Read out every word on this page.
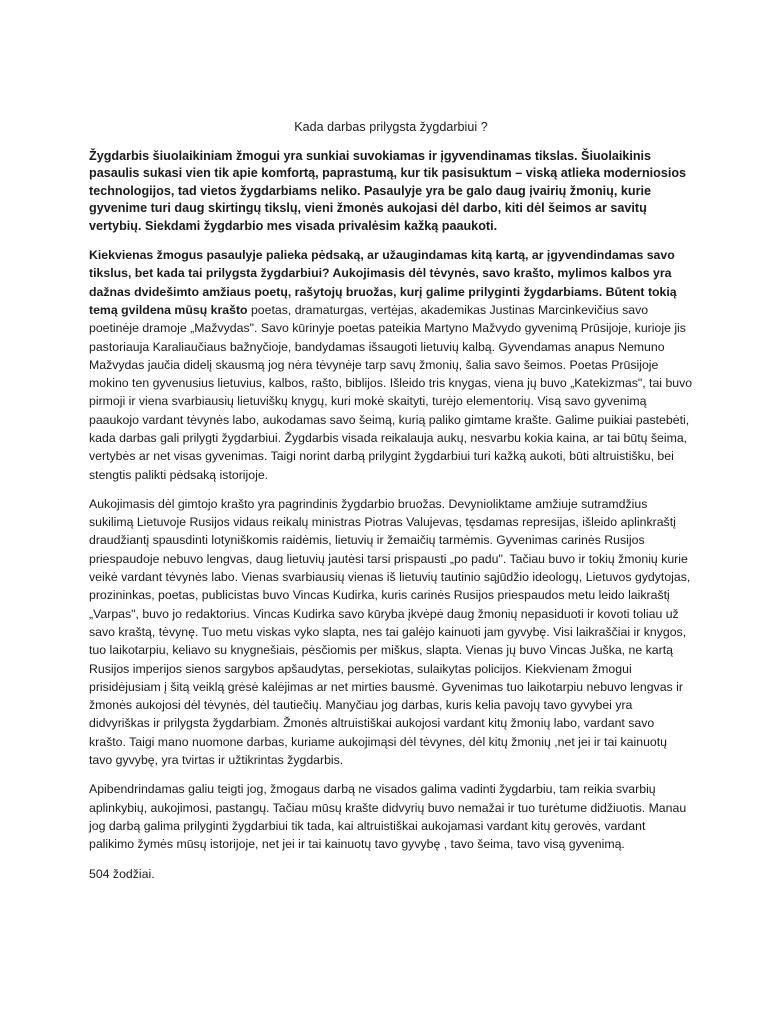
Kada darbas prilygsta žygdarbiui ?

Žygdarbis šiuolaikiniam žmogui yra sunkiai suvokiamas ir įgyvendinamas tikslas. Šiuolaikinis pasaulis sukasi vien tik apie komfortą, paprastumą, kur tik pasisuktum – viską atlieka moderniosios technologijos, tad vietos žygdarbiams neliko. Pasaulyje yra be galo daug įvairių žmonių, kurie gyvenime turi daug skirtingų tikslų, vieni žmonės aukojasi dėl darbo, kiti dėl šeimos ar savitų vertybių. Siekdami žygdarbio mes visada privalėsim kažką paaukoti.

Kiekvienas žmogus pasaulyje palieka pėdsaką, ar užaugindamas kitą kartą, ar įgyvendindamas savo tikslus, bet kada tai prilygsta žygdarbiui? Aukojimasis dėl tėvynės, savo krašto, mylimos kalbos yra dažnas dvidešimto amžiaus poetų, rašytojų bruožas, kurį galime prilyginti žygdarbiams. Būtent tokią temą gvildena mūsų krašto poetas, dramaturgas, vertėjas, akademikas Justinas Marcinkevičius savo poetinėje dramoje „Mažvydas". Savo kūrinyje poetas pateikia Martyno Mažvydo gyvenimą Prūsijoje, kurioje jis pastoriauja Karaliaučiaus bažnyčioje, bandydamas išsaugoti lietuvių kalbą. Gyvendamas anapus Nemuno Mažvydas jaučia didelį skausmą jog nėra tėvynėje tarp savų žmonių, šalia savo šeimos. Poetas Prūsijoje mokino ten gyvenusius lietuvius, kalbos, rašto, biblijos. Išleido tris knygas, viena jų buvo „Katekizmas", tai buvo pirmoji ir viena svarbiausių lietuviškų knygų, kuri mokė skaityti, turėjo elementorių. Visą savo gyvenimą paaukojo vardant tėvynės labo, aukodamas savo šeimą, kurią paliko gimtame krašte. Galime puikiai pastebėti, kada darbas gali prilygti žygdarbiui. Žygdarbis visada reikalauja aukų, nesvarbu kokia kaina, ar tai būtų šeima, vertybės ar net visas gyvenimas. Taigi norint darbą prilygint žygdarbiui turi kažką aukoti, būti altruistišku, bei stengtis palikti pėdsaką istorijoje.

Aukojimasis dėl gimtojo krašto yra pagrindinis žygdarbio bruožas. Devynioliktame amžiuje sutramdžius sukilimą Lietuvoje Rusijos vidaus reikalų ministras Piotras Valujevas, tęsdamas represijas, išleido aplinkraštį draudžiantį spausdinti lotyniškomis raidėmis, lietuvių ir žemaičių tarmėmis. Gyvenimas carinės Rusijos priespaudoje nebuvo lengvas, daug lietuvių jautėsi tarsi prispausti „po padu". Tačiau buvo ir tokių žmonių kurie veikė vardant tėvynės labo. Vienas svarbiausių vienas iš lietuvių tautinio sąjūdžio ideologų, Lietuvos gydytojas, prozininkas, poetas, publicistas buvo Vincas Kudirka, kuris carinės Rusijos priespaudos metu leido laikraštį „Varpas", buvo jo redaktorius. Vincas Kudirka savo kūryba įkvėpė daug žmonių nepasiduoti ir kovoti toliau už savo kraštą, tėvynę. Tuo metu viskas vyko slapta, nes tai galėjo kainuoti jam gyvybę. Visi laikraščiai ir knygos, tuo laikotarpiu, keliavo su knygnešiais, pėsčiomis per miškus, slapta. Vienas jų buvo Vincas Juška, ne kartą Rusijos imperijos sienos sargybos apšaudytas, persekiotas, sulaikytas policijos. Kiekvienam žmogui prisidėjusiam į šitą veiklą grėsė kalėjimas ar net mirties bausmė. Gyvenimas tuo laikotarpiu nebuvo lengvas ir žmonės aukojosi dėl tėvynės, dėl tautiečių. Manyčiau jog darbas, kuris kelia pavojų tavo gyvybei yra didvyriškas ir prilygsta žygdarbiam. Žmonės altruistiškai aukojosi vardant kitų žmonių labo, vardant savo krašto. Taigi mano nuomone darbas, kuriame aukojimąsi dėl tėvynes, dėl kitų žmonių ,net jei ir tai kainuotų tavo gyvybę, yra tvirtas ir užtikrintas žygdarbis.

Apibendrindamas galiu teigti jog, žmogaus darbą ne visados galima vadinti žygdarbiu, tam reikia svarbių aplinkybių, aukojimosi, pastangų. Tačiau mūsų krašte didvyrių buvo nemažai ir tuo turėtume didžiuotis. Manau jog darbą galima prilyginti žygdarbiui tik tada, kai altruistiškai aukojamasi vardant kitų gerovės, vardant palikimo žymės mūsų istorijoje, net jei ir tai kainuotų tavo gyvybę , tavo šeima, tavo visą gyvenimą.

504 žodžiai.
